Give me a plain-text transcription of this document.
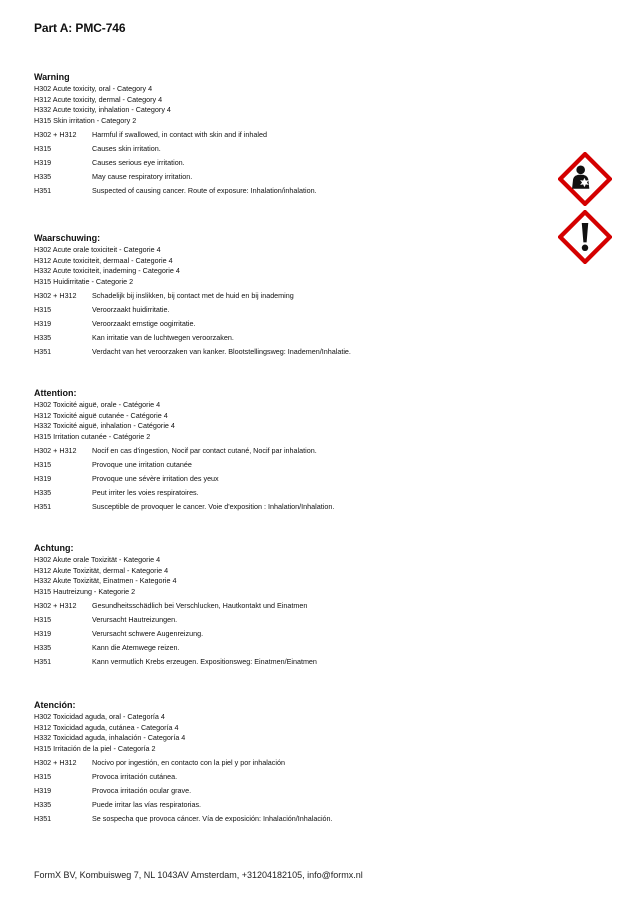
Part A: PMC-746
Warning
H302 Acute toxicity, oral - Category 4
H312 Acute toxicity, dermal - Category 4
H332 Acute toxicity, inhalation - Category 4
H315 Skin irritation - Category 2
H302 + H312	Harmful if swallowed, in contact with skin and if inhaled
H315	Causes skin irritation.
H319	Causes serious eye irritation.
H335	May cause respiratory irritation.
H351	Suspected of causing cancer. Route of exposure: Inhalation/inhalation.
Waarschuwing:
H302 Acute orale toxiciteit - Categorie 4
H312 Acute toxiciteit, dermaal - Categorie 4
H332 Acute toxiciteit, inademing - Categorie 4
H315 Huidirritatie - Categorie 2
H302 + H312	Schadelijk bij inslikken, bij contact met de huid en bij inademing
H315	Veroorzaakt huidirritatie.
H319	Veroorzaakt ernstige oogirritatie.
H335	Kan irritatie van de luchtwegen veroorzaken.
H351	Verdacht van het veroorzaken van kanker. Blootstellingsweg: Inademen/Inhalatie.
Attention:
H302 Toxicité aiguë, orale - Catégorie 4
H312 Toxicité aiguë cutanée - Catégorie 4
H332 Toxicité aiguë, inhalation - Catégorie 4
H315 Irritation cutanée - Catégorie 2
H302 + H312	Nocif en cas d'ingestion, Nocif par contact cutané, Nocif par inhalation.
H315	Provoque une irritation cutanée
H319	Provoque une sévère irritation des yeux
H335	Peut irriter les voies respiratoires.
H351	Susceptible de provoquer le cancer. Voie d'exposition : Inhalation/Inhalation.
Achtung:
H302 Akute orale Toxizität - Kategorie 4
H312 Akute Toxizität, dermal - Kategorie 4
H332 Akute Toxizität, Einatmen - Kategorie 4
H315 Hautreizung - Kategorie 2
H302 + H312	Gesundheitsschädlich bei Verschlucken, Hautkontakt und Einatmen
H315	Verursacht Hautreizungen.
H319	Verursacht schwere Augenreizung.
H335	Kann die Atemwege reizen.
H351	Kann vermutlich Krebs erzeugen. Expositionsweg: Einatmen/Einatmen
Atención:
H302 Toxicidad aguda, oral - Categoría 4
H312 Toxicidad aguda, cutánea - Categoría 4
H332 Toxicidad aguda, inhalación - Categoría 4
H315 Irritación de la piel - Categoría 2
H302 + H312	Nocivo por ingestión, en contacto con la piel y por inhalación
H315	Provoca irritación cutánea.
H319	Provoca irritación ocular grave.
H335	Puede irritar las vías respiratorias.
H351	Se sospecha que provoca cáncer. Vía de exposición: Inhalación/Inhalación.
FormX BV, Kombuisweg 7, NL 1043AV Amsterdam, +31204182105, info@formx.nl
